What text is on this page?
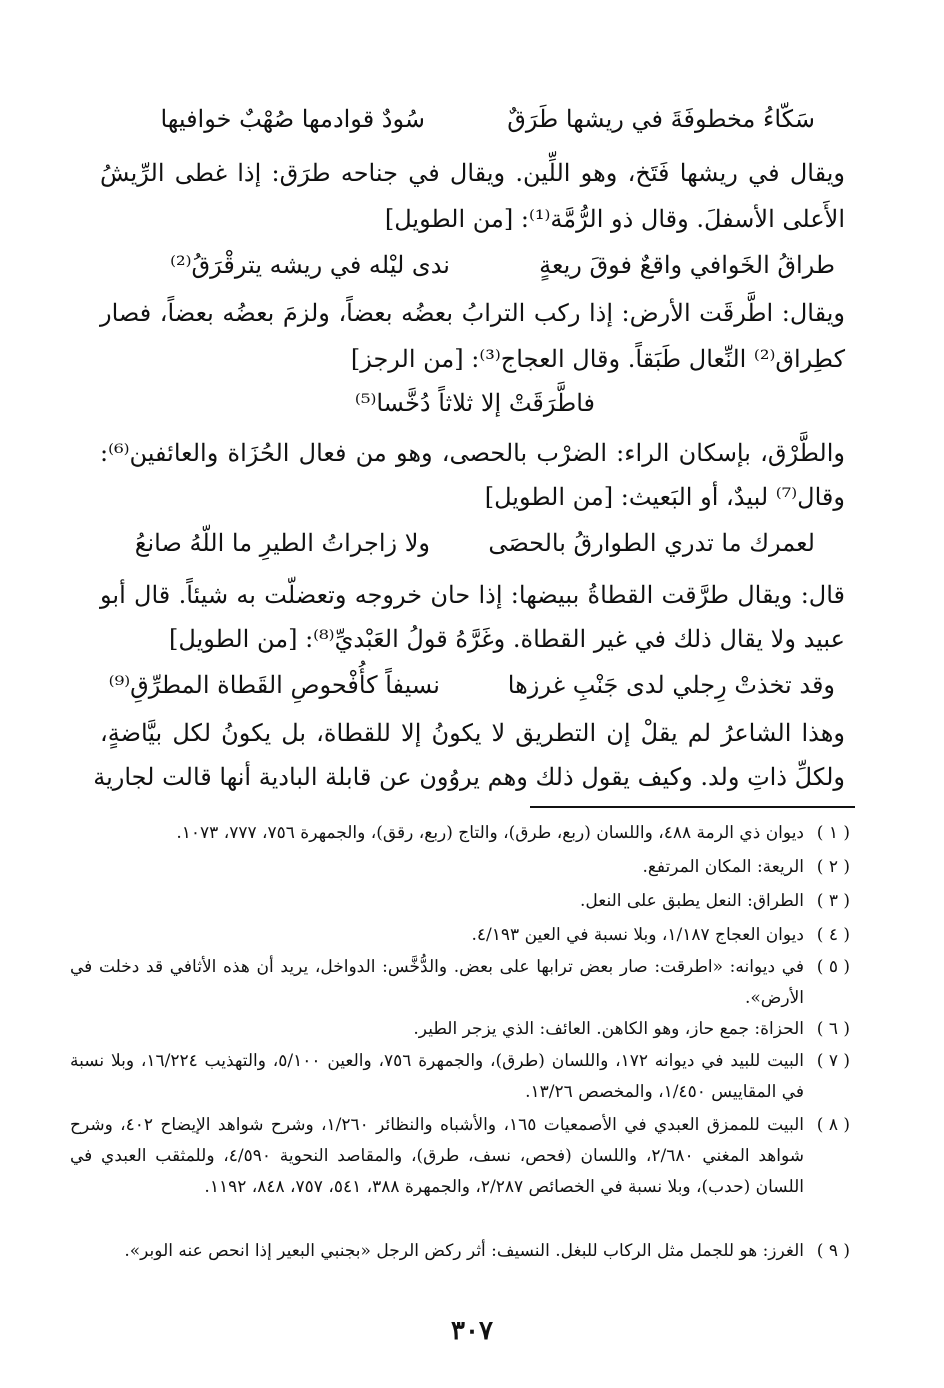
سَكّاءُ مخطوفَةَ في ريشها طَرَقٌ
سُودٌ قوادمها صُهْبٌ خوافيها
ويقال في ريشها فَتَخ، وهو اللِّين. ويقال في جناحه طرَق: إذا غطى الرِّيشُ
الأَعلى الأسفلَ. وقال ذو الرُّمَّة⁽¹⁾: [من الطويل]
طراقُ الخَوافي واقعٌ فوقَ ريعةٍ
ندى ليْله في ريشه يترقْرَقُ⁽²⁾
ويقال: اطَّرقَت الأرض: إذا ركب الترابُ بعضُه بعضاً، ولزمَ بعضُه بعضاً، فصار
كطِراق⁽²⁾ النِّعال طَبَقاً. وقال العجاج⁽³⁾: [من الرجز]
فاطَّرَقَتْ إلا ثلاثاً دُخَّسا⁽⁵⁾
والطَّرْق، بإسكان الراء: الضرْب بالحصى، وهو من فعال الحُزَاة والعائفين⁽⁶⁾:
وقال⁽⁷⁾ لبيدٌ، أو البَعيث: [من الطويل]
لعمرك ما تدري الطوارقُ بالحصَى
ولا زاجراتُ الطيرِ ما اللّهُ صانعُ
قال: ويقال طرَّقت القطاةُ ببيضها: إذا حان خروجه وتعضلّت به شيئاً. قال أبو
عبيد ولا يقال ذلك في غير القطاة. وغَرَّهُ قولُ العَبْديِّ⁽⁸⁾: [من الطويل]
وقد تخذتْ رِجلي لدى جَنْبِ غرزها
نسيفاً كأُفْحوصِ القَطاة المطرِّقِ⁽⁹⁾
وهذا الشاعرُ لم يقلْ إن التطريق لا يكونُ إلا للقطاة، بل يكونُ لكل بيَّاضةٍ،
ولكلِّ ذاتِ ولد. وكيف يقول ذلك وهم يروُون عن قابلة البادية أنها قالت لجارية
( ١ )
ديوان ذي الرمة ٤٨٨، واللسان (ربع، طرق)، والتاج (ربع، رقق)، والجمهرة ٧٥٦، ٧٧٧، ١٠٧٣.
( ٢ )
الريعة: المكان المرتفع.
( ٣ )
الطراق: النعل يطبق على النعل.
( ٤ )
ديوان العجاج ١/١٨٧، وبلا نسبة في العين ٤/١٩٣.
( ٥ )
في ديوانه: «اطرقت: صار بعض ترابها على بعض. والدُّخَّس: الدواخل، يريد أن هذه الأثافي قد دخلت في الأرض».
( ٦ )
الحزاة: جمع حاز، وهو الكاهن. العائف: الذي يزجر الطير.
( ٧ )
البيت للبيد في ديوانه ١٧٢، واللسان (طرق)، والجمهرة ٧٥٦، والعين ٥/١٠٠، والتهذيب ١٦/٢٢٤، وبلا نسبة في المقاييس ١/٤٥٠، والمخصص ١٣/٢٦.
( ٨ )
البيت للممزق العبدي في الأصمعيات ١٦٥، والأشباه والنظائر ١/٢٦٠، وشرح شواهد الإيضاح ٤٠٢، وشرح شواهد المغني ٢/٦٨٠، واللسان (فحص، نسف، طرق)، والمقاصد النحوية ٤/٥٩٠، وللمثقب العبدي في اللسان (حدب)، وبلا نسبة في الخصائص ٢/٢٨٧، والجمهرة ٣٨٨، ٥٤١، ٧٥٧، ٨٤٨، ١١٩٢.
( ٩ )
الغرز: هو للجمل مثل الركاب للبغل. النسيف: أثر ركض الرجل «بجنبي البعير إذا انحص عنه الوبر».
٣٠٧
